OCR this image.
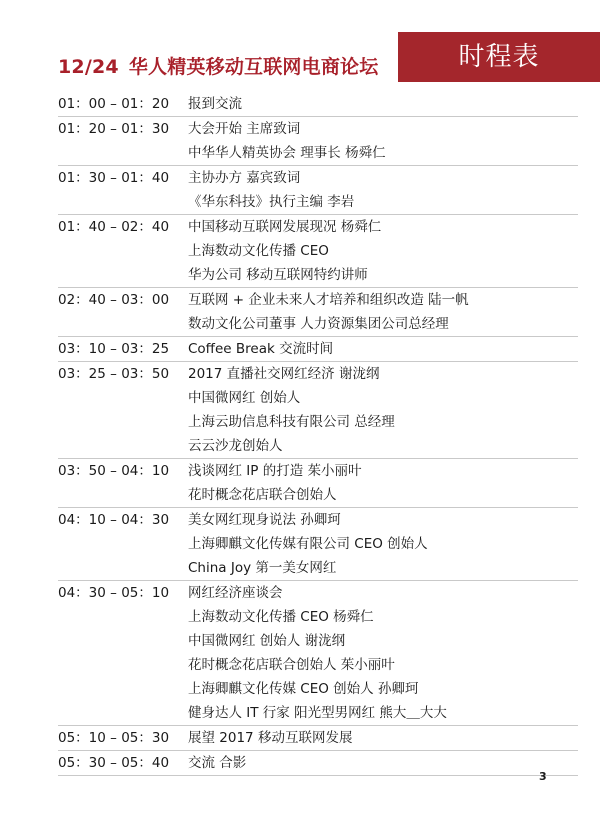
12/24 华人精英移动互联网电商论坛	时程表
01：00 – 01：20	报到交流
01：20 – 01：30	大会开始 主席致词
中华华人精英协会 理事长 杨舜仁
01：30 – 01：40	主协办方 嘉宾致词
《华东科技》执行主编 李岩
01：40 – 02：40	中国移动互联网发展现况 杨舜仁
上海数动文化传播 CEO
华为公司 移动互联网特约讲师
02：40 – 03：00	互联网 + 企业未来人才培养和组织改造 陆一帆
数动文化公司董事 人力资源集团公司总经理
03：10 – 03：25	Coffee Break 交流时间
03：25 – 03：50	2017 直播社交网红经济 谢泷纲
中国微网红 创始人
上海云助信息科技有限公司 总经理
云云沙龙创始人
03：50 – 04：10	浅谈网红 IP 的打造 茱小丽叶
花时概念花店联合创始人
04：10 – 04：30	美女网红现身说法 孙卿珂
上海卿麒文化传媒有限公司 CEO 创始人
China Joy 第一美女网红
04：30 – 05：10	网红经济座谈会
上海数动文化传播 CEO 杨舜仁
中国微网红 创始人 谢泷纲
花时概念花店联合创始人 茱小丽叶
上海卿麒文化传媒 CEO 创始人 孙卿珂
健身达人 IT 行家 阳光型男网红 熊大＿大大
05：10 – 05：30	展望 2017 移动互联网发展
05：30 – 05：40	交流 合影
3
